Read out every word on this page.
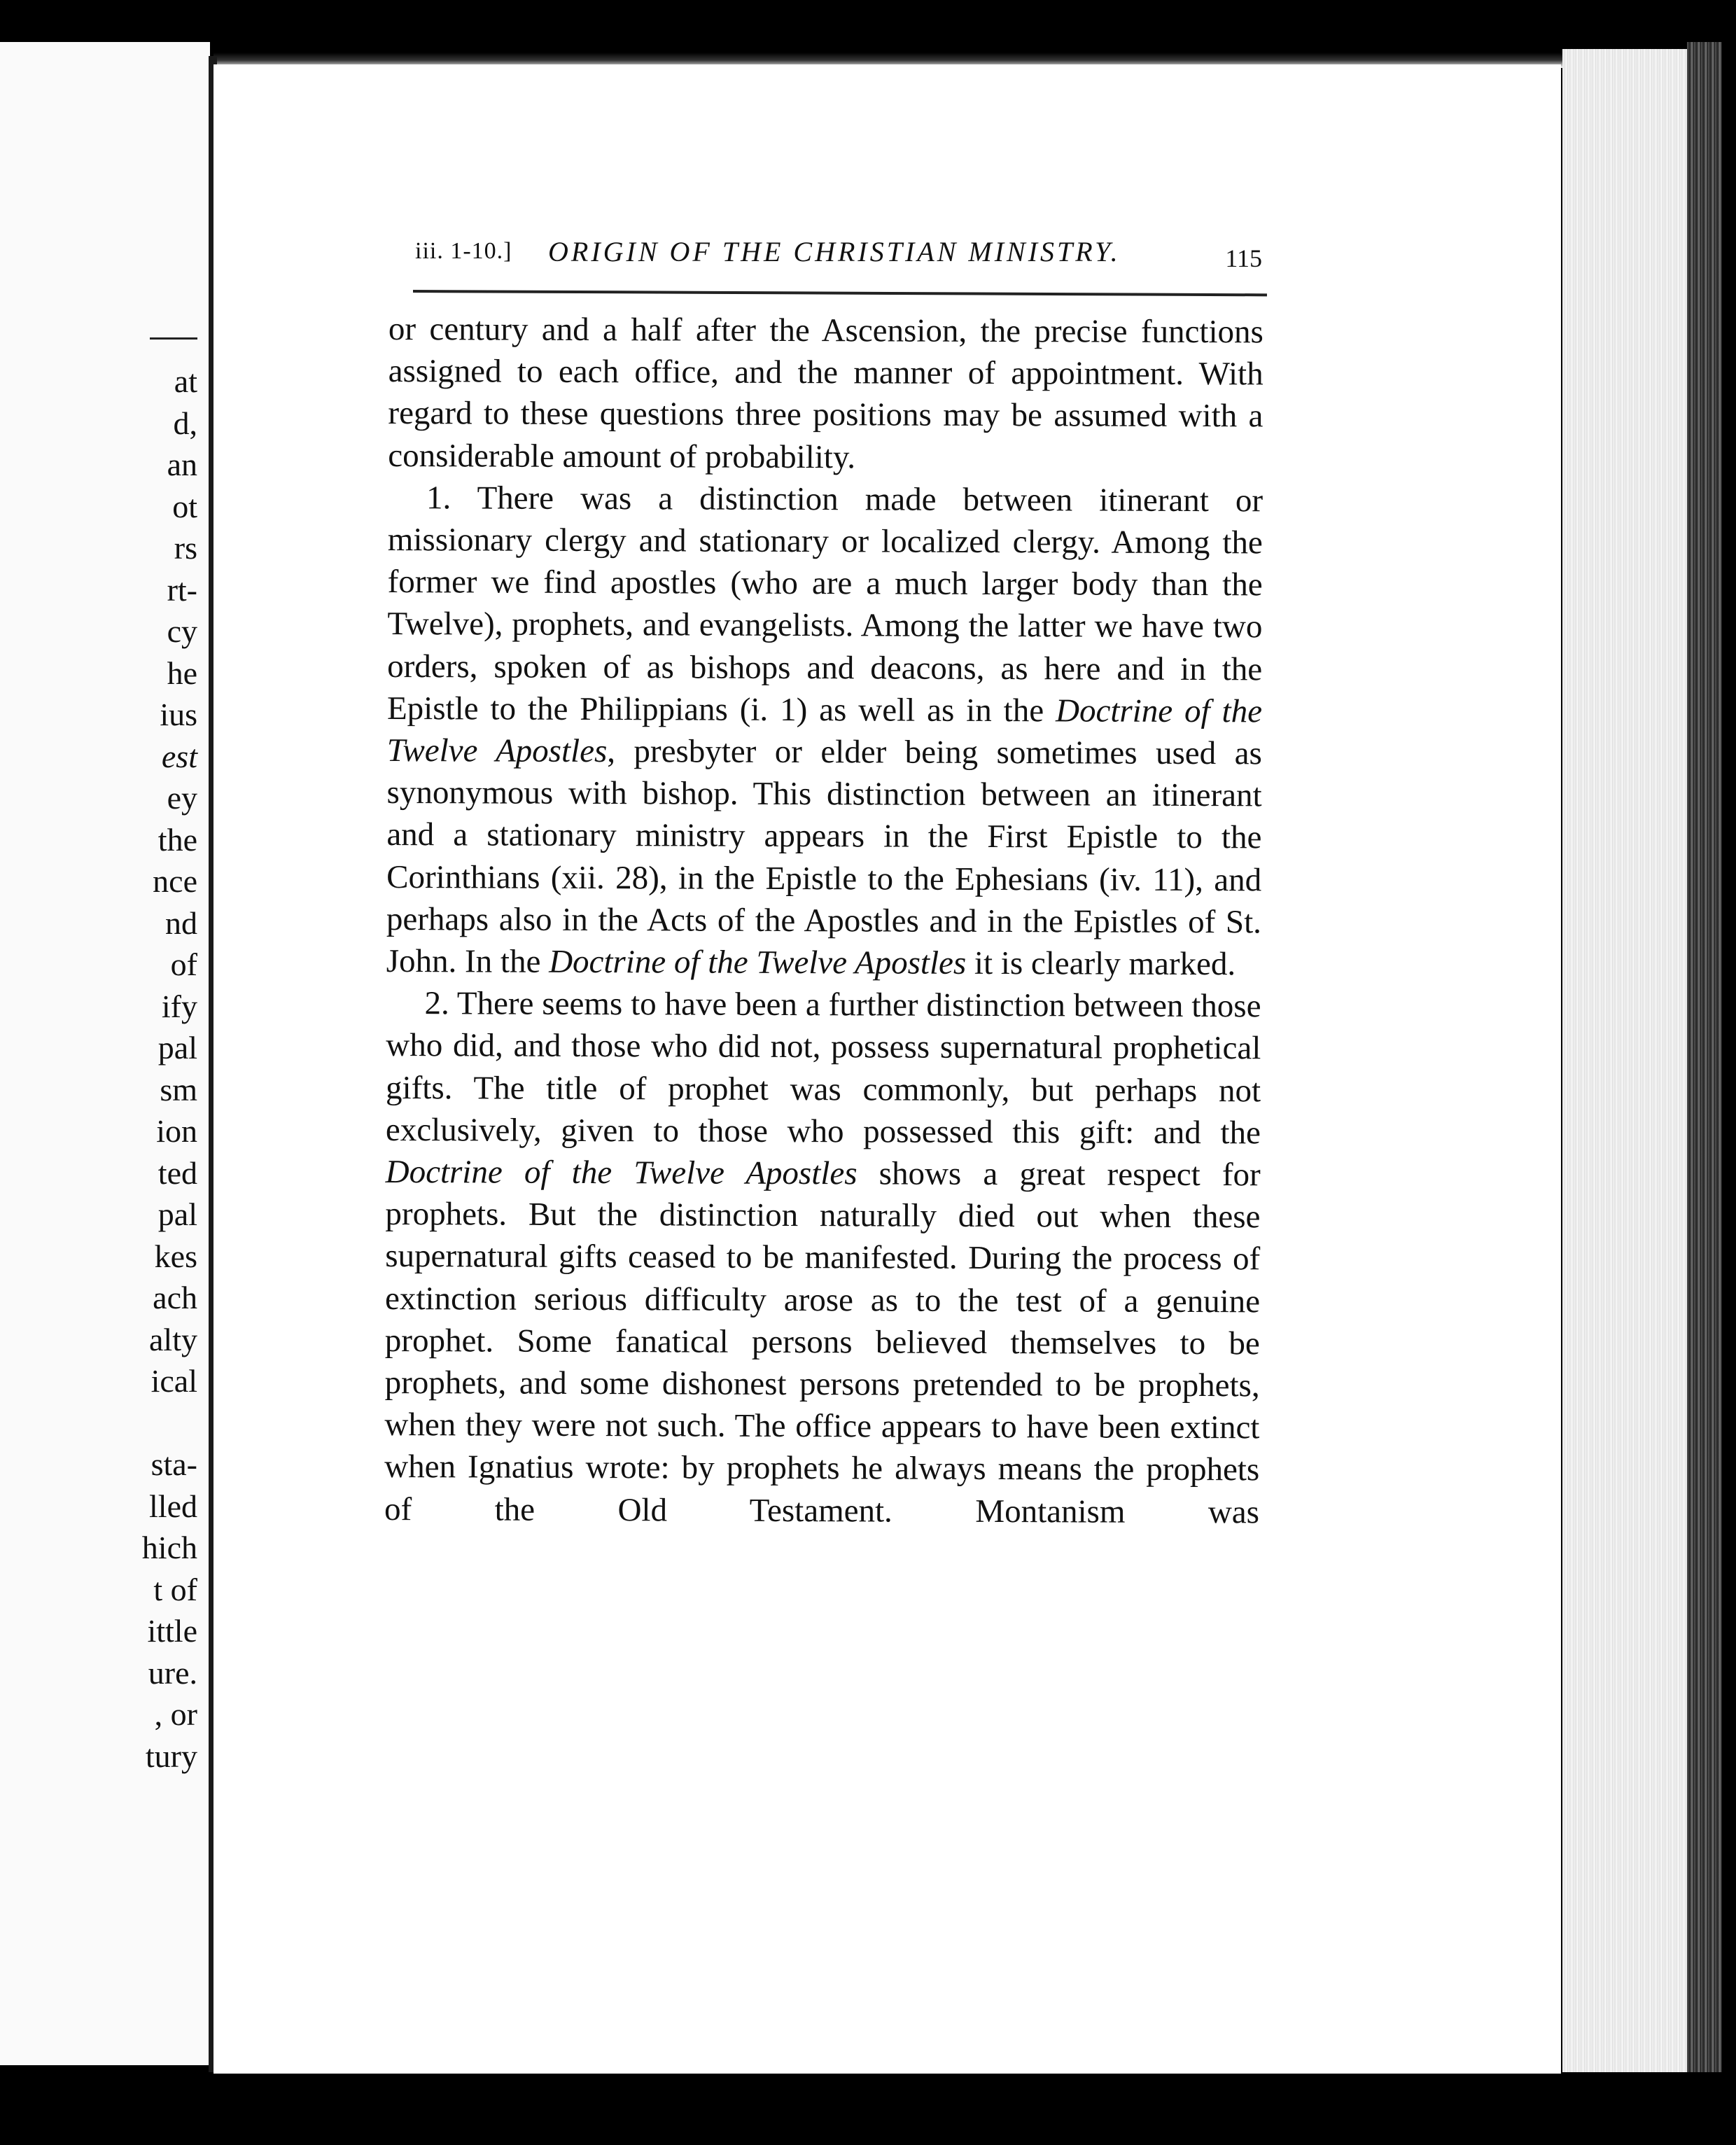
at
d,
an
ot
rs
rt-
cy
he
ius
est
ey
the
nce
nd
of
ify
pal
sm
ion
ted
pal
kes
ach
alty
ical
sta-
lled
hich
t of
ittle
ure.
, or
tury
iii. 1-10.] ORIGIN OF THE CHRISTIAN MINISTRY.	115

or century and a half after the Ascension, the precise functions assigned to each office, and the manner of appointment. With regard to these questions three positions may be assumed with a considerable amount of probability.

1. There was a distinction made between itinerant or missionary clergy and stationary or localized clergy. Among the former we find apostles (who are a much larger body than the Twelve), prophets, and evangelists. Among the latter we have two orders, spoken of as bishops and deacons, as here and in the Epistle to the Philippians (i. 1) as well as in the Doctrine of the Twelve Apostles, presbyter or elder being sometimes used as synonymous with bishop. This distinction between an itinerant and a stationary ministry appears in the First Epistle to the Corinthians (xii. 28), in the Epistle to the Ephesians (iv. 11), and perhaps also in the Acts of the Apostles and in the Epistles of St. John. In the Doctrine of the Twelve Apostles it is clearly marked.

2. There seems to have been a further distinction between those who did, and those who did not, possess supernatural prophetical gifts. The title of prophet was commonly, but perhaps not exclusively, given to those who possessed this gift: and the Doctrine of the Twelve Apostles shows a great respect for prophets. But the distinction naturally died out when these supernatural gifts ceased to be manifested. During the process of extinction serious difficulty arose as to the test of a genuine prophet. Some fanatical persons believed themselves to be prophets, and some dishonest persons pretended to be prophets, when they were not such. The office appears to have been extinct when Ignatius wrote: by prophets he always means the prophets of the Old Testament. Montanism was
